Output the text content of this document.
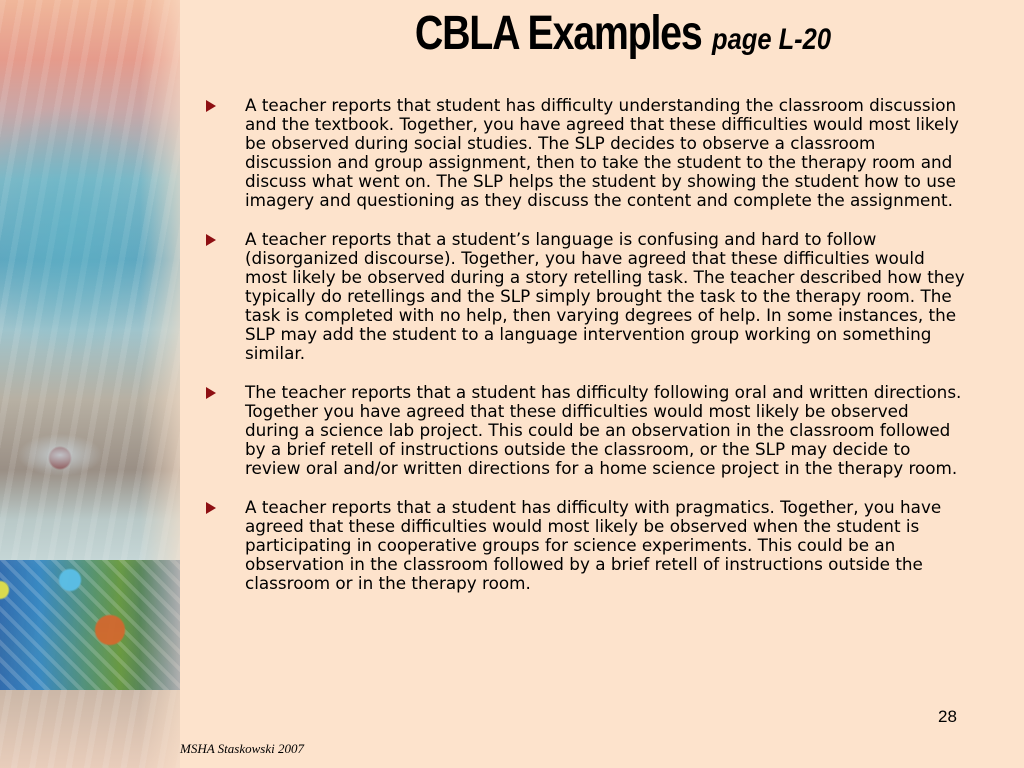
CBLA Examples page L-20

A teacher reports that student has difficulty understanding the classroom discussion and the textbook. Together, you have agreed that these difficulties would most likely be observed during social studies. The SLP decides to observe a classroom discussion and group assignment, then to take the student to the therapy room and discuss what went on. The SLP helps the student by showing the student how to use imagery and questioning as they discuss the content and complete the assignment.

A teacher reports that a student’s language is confusing and hard to follow (disorganized discourse). Together, you have agreed that these difficulties would most likely be observed during a story retelling task. The teacher described how they typically do retellings and the SLP simply brought the task to the therapy room. The task is completed with no help, then varying degrees of help. In some instances, the SLP may add the student to a language intervention group working on something similar.

The teacher reports that a student has difficulty following oral and written directions. Together you have agreed that these difficulties would most likely be observed during a science lab project. This could be an observation in the classroom followed by a brief retell of instructions outside the classroom, or the SLP may decide to review oral and/or written directions for a home science project in the therapy room.

A teacher reports that a student has difficulty with pragmatics. Together, you have agreed that these difficulties would most likely be observed when the student is participating in cooperative groups for science experiments. This could be an observation in the classroom followed by a brief retell of instructions outside the classroom or in the therapy room.

28
MSHA Staskowski 2007
